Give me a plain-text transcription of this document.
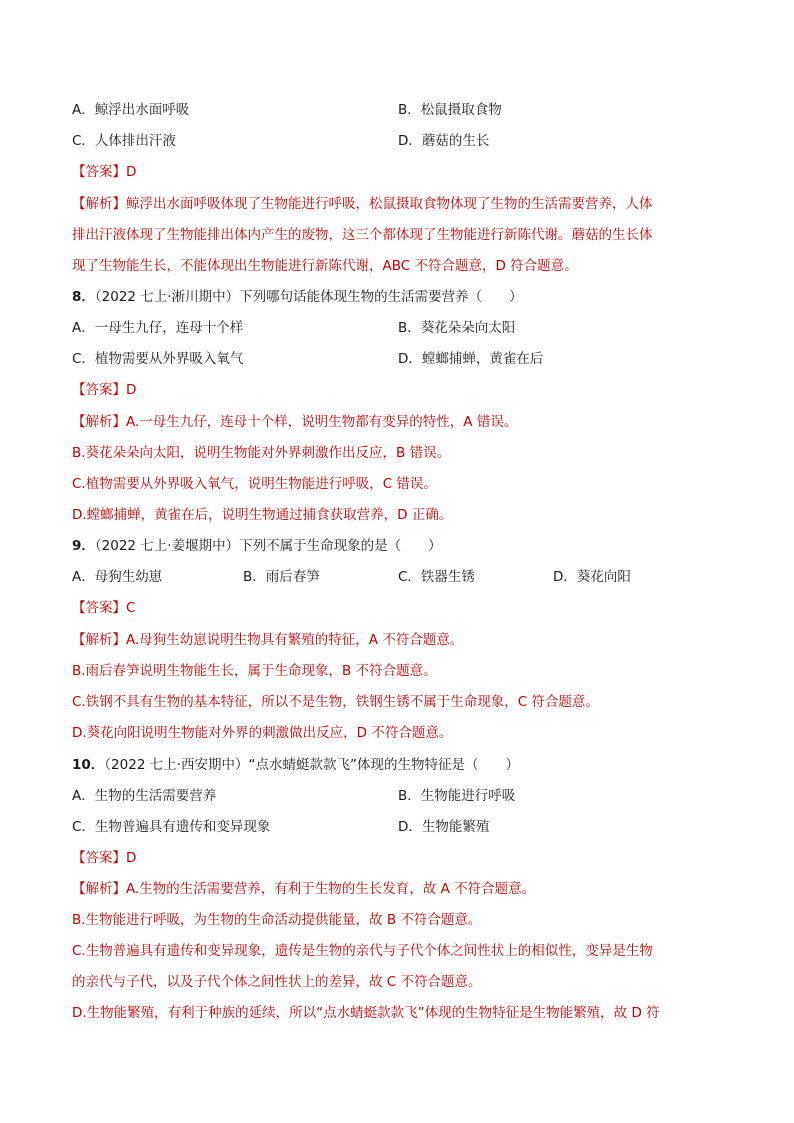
A．鲸浮出水面呼吸	B．松鼠摄取食物
C．人体排出汗液	D．蘑菇的生长
【答案】D
【解析】鲸浮出水面呼吸体现了生物能进行呼吸，松鼠摄取食物体现了生物的生活需要营养，人体
排出汗液体现了生物能排出体内产生的废物，这三个都体现了生物能进行新陈代谢。蘑菇的生长体
现了生物能生长，不能体现出生物能进行新陈代谢，ABC 不符合题意，D 符合题意。
8．（2022 七上·淅川期中）下列哪句话能体现生物的生活需要营养（　　）
A．一母生九仔，连母十个样	B．葵花朵朵向太阳
C．植物需要从外界吸入氧气	D．螳螂捕蝉，黄雀在后
【答案】D
【解析】A.一母生九仔，连母十个样，说明生物都有变异的特性，A 错误。
B.葵花朵朵向太阳，说明生物能对外界刺激作出反应，B 错误。
C.植物需要从外界吸入氧气，说明生物能进行呼吸，C 错误。
D.螳螂捕蝉，黄雀在后，说明生物通过捕食获取营养，D 正确。
9．（2022 七上·姜堰期中）下列不属于生命现象的是（　　）
A．母狗生幼崽	B．雨后春笋	C．铁器生锈	D．葵花向阳
【答案】C
【解析】A.母狗生幼崽说明生物具有繁殖的特征，A 不符合题意。
B.雨后春笋说明生物能生长，属于生命现象，B 不符合题意。
C.铁钢不具有生物的基本特征，所以不是生物，铁钢生锈不属于生命现象，C 符合题意。
D.葵花向阳说明生物能对外界的刺激做出反应，D 不符合题意。
10．（2022 七上·西安期中）“点水蜻蜓款款飞”体现的生物特征是（　　）
A．生物的生活需要营养	B．生物能进行呼吸
C．生物普遍具有遗传和变异现象	D．生物能繁殖
【答案】D
【解析】A.生物的生活需要营养，有利于生物的生长发育，故 A 不符合题意。
B.生物能进行呼吸，为生物的生命活动提供能量，故 B 不符合题意。
C.生物普遍具有遗传和变异现象，遗传是生物的亲代与子代个体之间性状上的相似性，变异是生物
的亲代与子代，以及子代个体之间性状上的差异，故 C 不符合题意。
D.生物能繁殖，有利于种族的延续，所以“点水蜻蜓款款飞”体现的生物特征是生物能繁殖，故 D 符
